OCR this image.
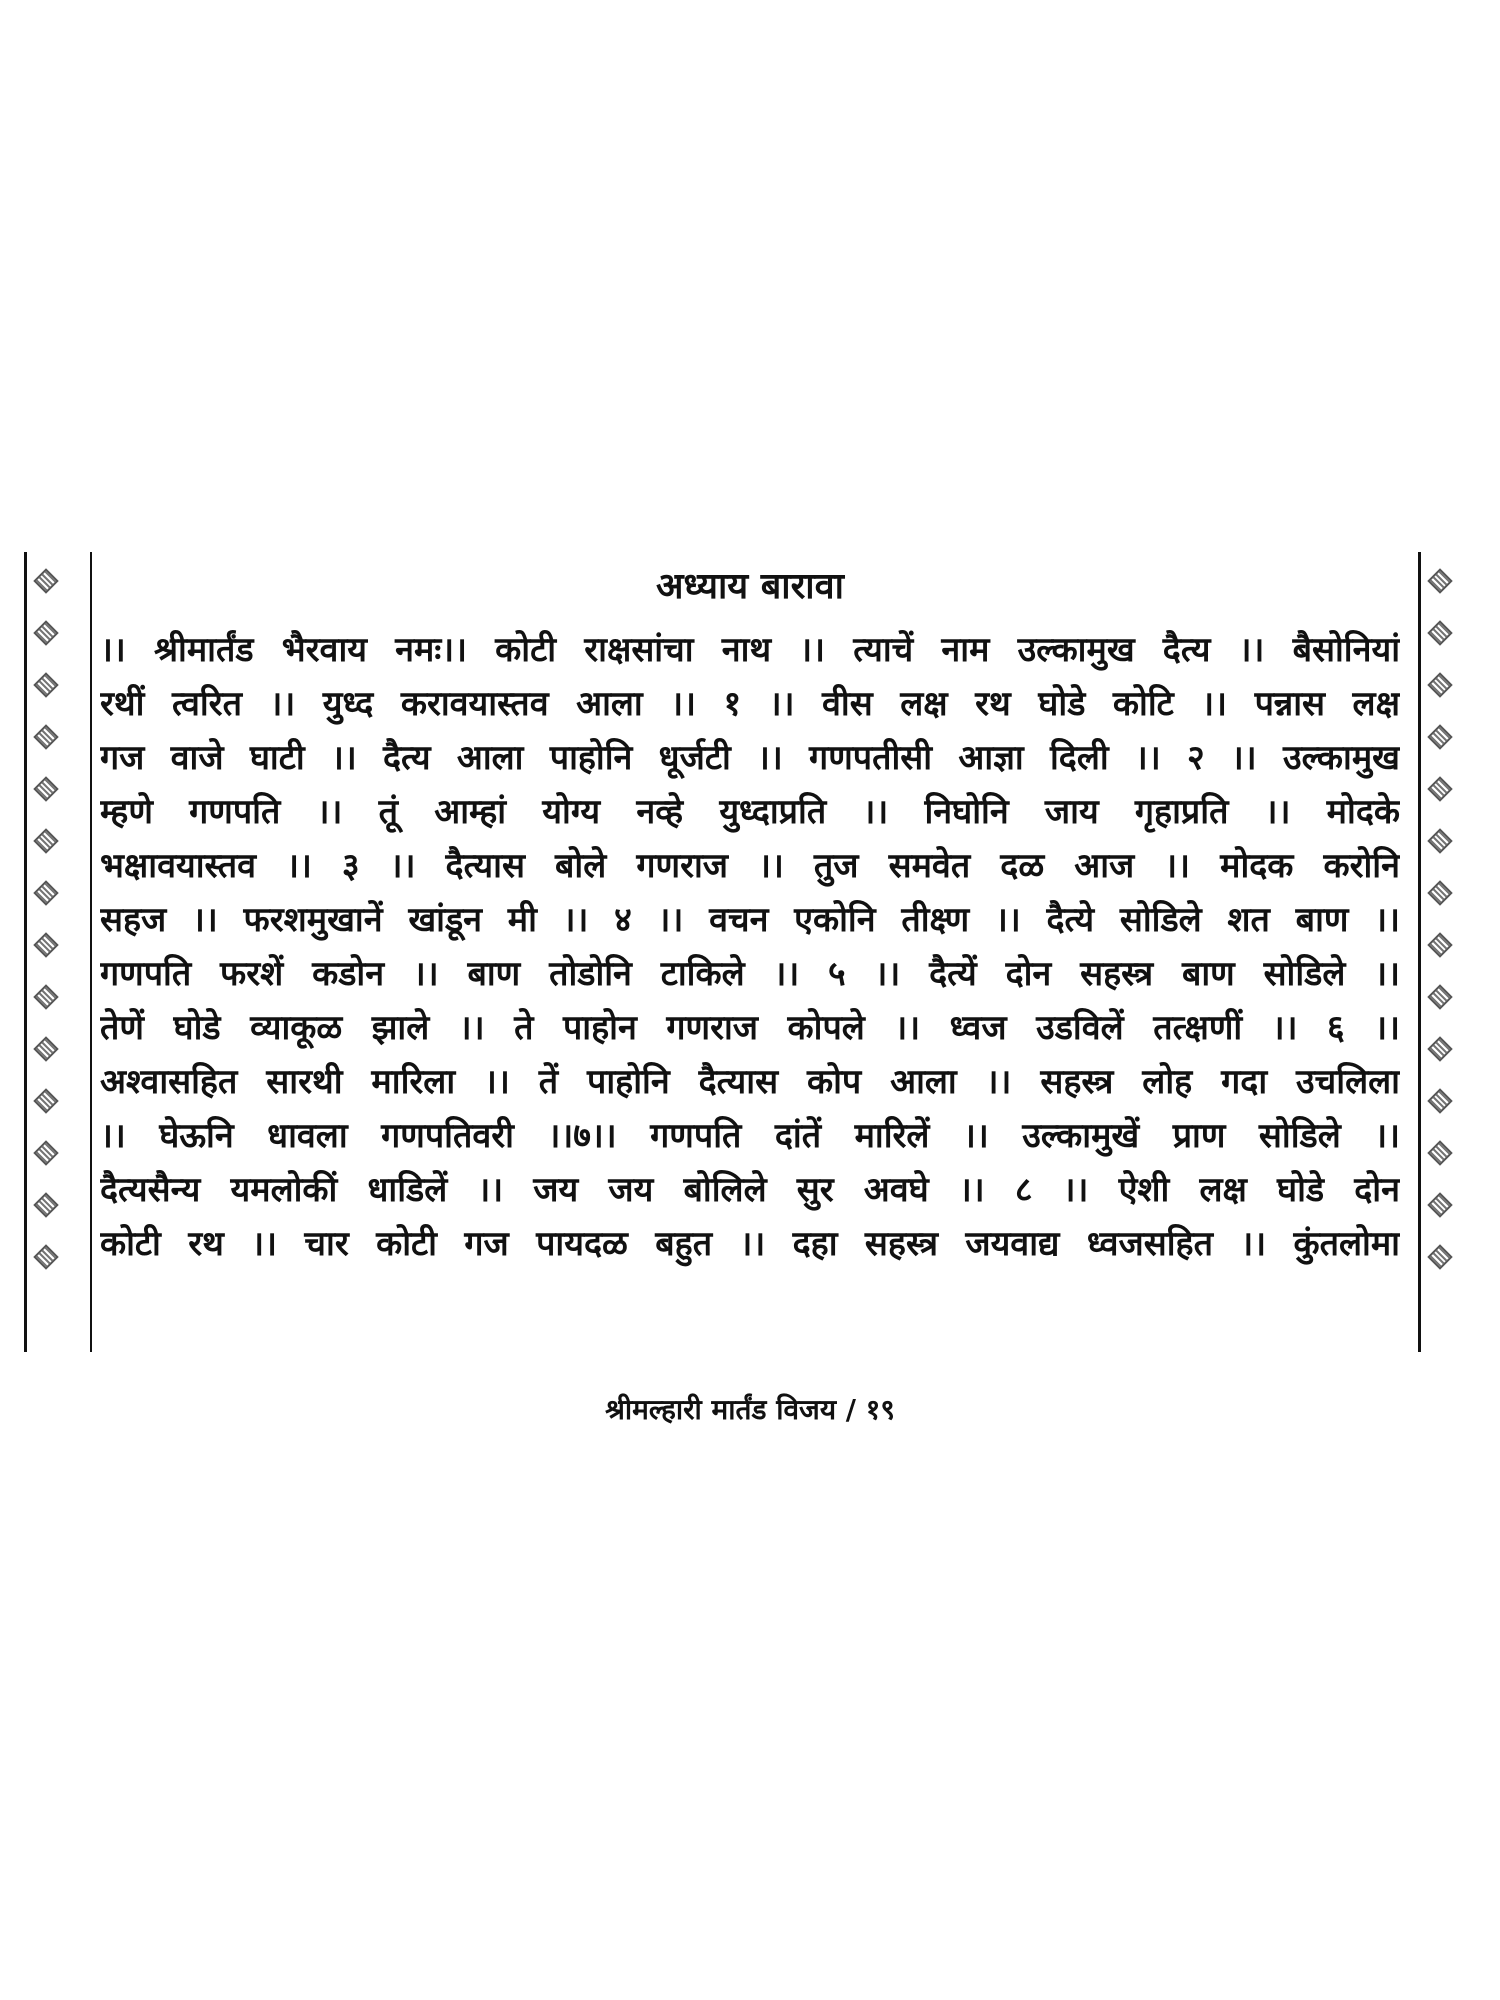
अध्याय बारावा
।। श्रीमार्तंड भैरवाय नमः।। कोटी राक्षसांचा नाथ ।। त्याचें नाम उल्कामुख दैत्य ।। बैसोनियां
रथीं त्वरित ।। युध्द करावयास्तव आला ।। १ ।। वीस लक्ष रथ घोडे कोटि ।। पन्नास लक्ष
गज वाजे घाटी ।। दैत्य आला पाहोनि धूर्जटी ।। गणपतीसी आज्ञा दिली ।। २ ।। उल्कामुख
म्हणे गणपति ।। तूं आम्हां योग्य नव्हे युध्दाप्रति ।। निघोनि जाय गृहाप्रति ।। मोदके
भक्षावयास्तव ।। ३ ।। दैत्यास बोले गणराज ।। तुज समवेत दळ आज ।। मोदक करोनि
सहज ।। फरशमुखानें खांडून मी ।। ४ ।। वचन एकोनि तीक्ष्ण ।। दैत्ये सोडिले शत बाण ।।
गणपति फरशें कडोन ।। बाण तोडोनि टाकिले ।। ५ ।। दैत्यें दोन सहस्त्र बाण सोडिले ।।
तेणें घोडे व्याकूळ झाले ।। ते पाहोन गणराज कोपले ।। ध्वज उडविलें तत्क्षणीं ।। ६ ।।
अश्वासहित सारथी मारिला ।। तें पाहोनि दैत्यास कोप आला ।। सहस्त्र लोह गदा उचलिला
।। घेऊनि धावला गणपतिवरी ।।७।। गणपति दांतें मारिलें ।। उल्कामुखें प्राण सोडिले ।।
दैत्यसैन्य यमलोकीं धाडिलें ।। जय जय बोलिले सुर अवघे ।। ८ ।। ऐशी लक्ष घोडे दोन
कोटी रथ ।। चार कोटी गज पायदळ बहुत ।। दहा सहस्त्र जयवाद्य ध्वजसहित ।। कुंतलोमा
श्रीमल्हारी मार्तंड विजय / १९
